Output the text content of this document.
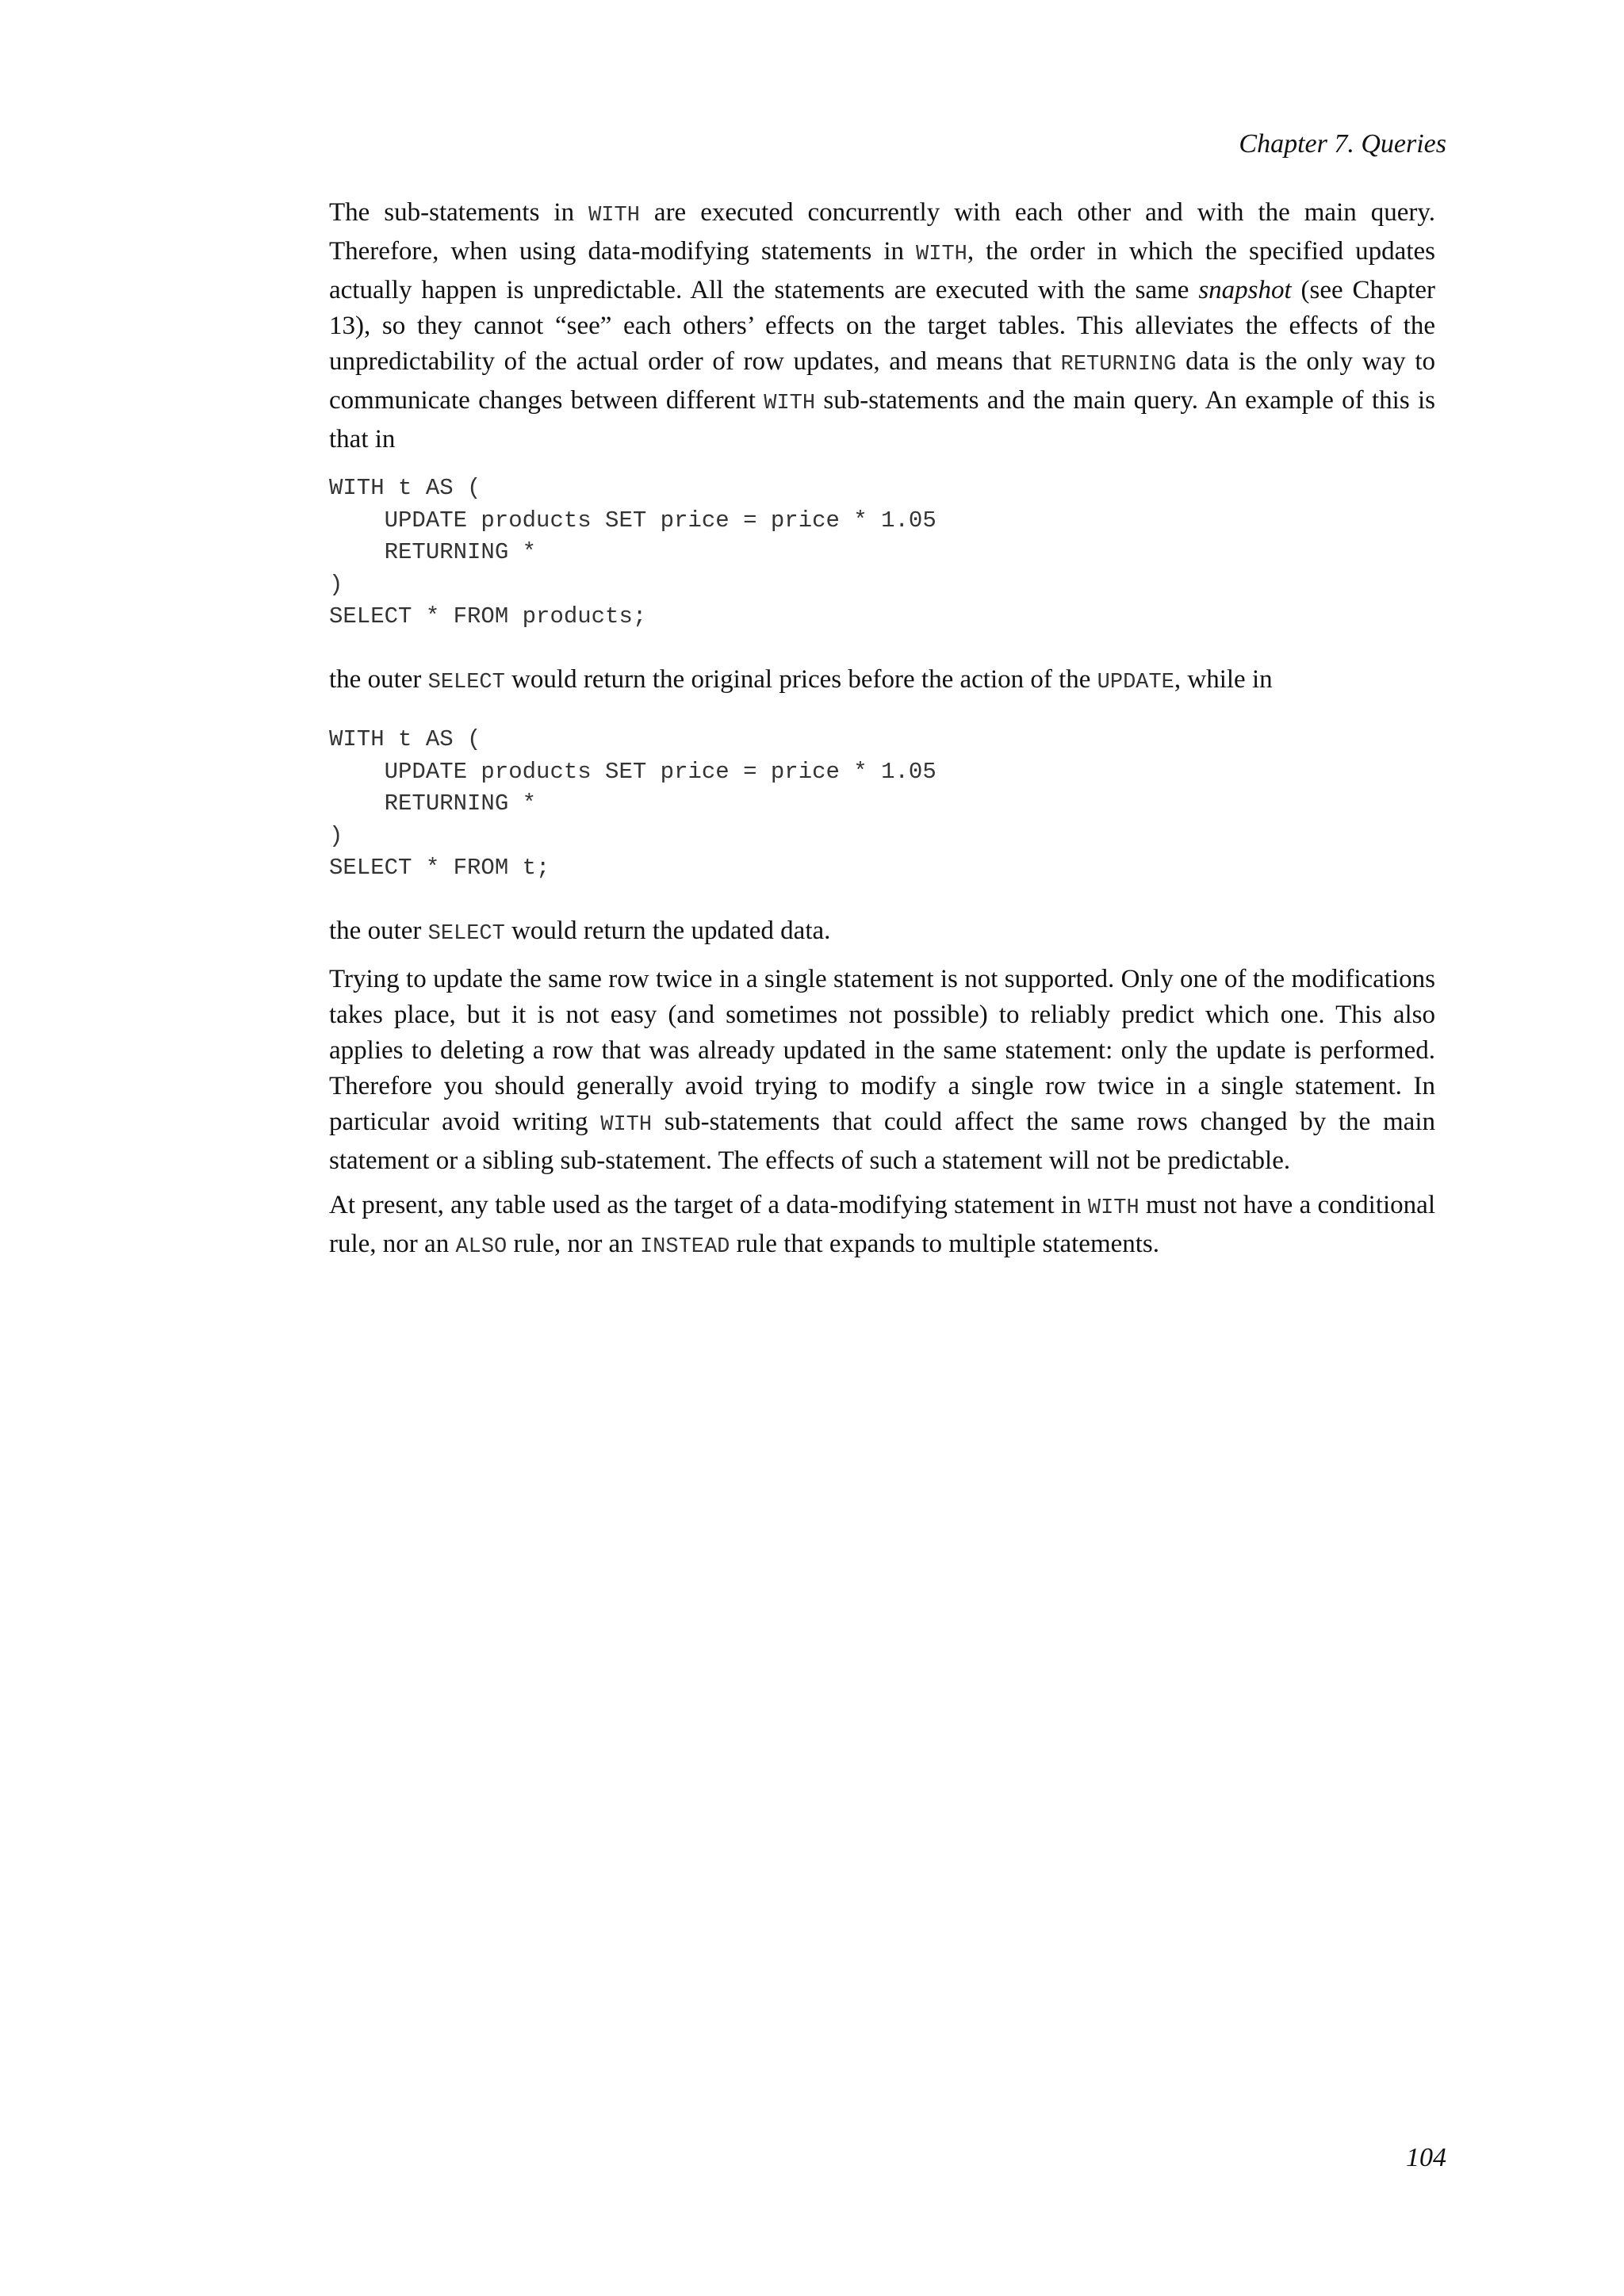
Chapter 7. Queries

The sub-statements in WITH are executed concurrently with each other and with the main query. Therefore, when using data-modifying statements in WITH, the order in which the specified updates actually happen is unpredictable. All the statements are executed with the same snapshot (see Chapter 13), so they cannot “see” each others’ effects on the target tables. This alleviates the effects of the unpredictability of the actual order of row updates, and means that RETURNING data is the only way to communicate changes between different WITH sub-statements and the main query. An example of this is that in

WITH t AS (
UPDATE products SET price = price * 1.05
RETURNING *
)
SELECT * FROM products;

the outer SELECT would return the original prices before the action of the UPDATE, while in

WITH t AS (
UPDATE products SET price = price * 1.05
RETURNING *
)
SELECT * FROM t;

the outer SELECT would return the updated data.

Trying to update the same row twice in a single statement is not supported. Only one of the modifications takes place, but it is not easy (and sometimes not possible) to reliably predict which one. This also applies to deleting a row that was already updated in the same statement: only the update is performed. Therefore you should generally avoid trying to modify a single row twice in a single statement. In particular avoid writing WITH sub-statements that could affect the same rows changed by the main statement or a sibling sub-statement. The effects of such a statement will not be predictable.

At present, any table used as the target of a data-modifying statement in WITH must not have a conditional rule, nor an ALSO rule, nor an INSTEAD rule that expands to multiple statements.

104
